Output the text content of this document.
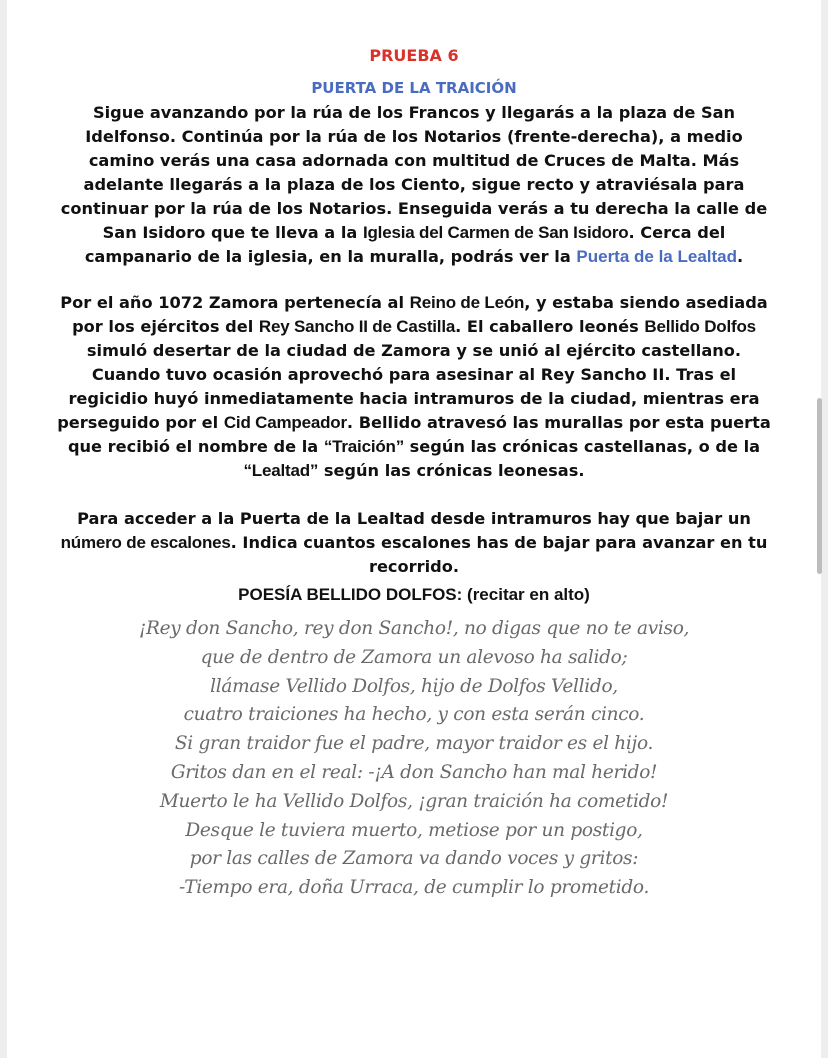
PRUEBA 6
PUERTA DE LA TRAICIÓN
Sigue avanzando por la rúa de los Francos y llegarás a la plaza de San Idelfonso. Continúa por la rúa de los Notarios (frente-derecha), a medio camino verás una casa adornada con multitud de Cruces de Malta. Más adelante llegarás a la plaza de los Ciento, sigue recto y atraviésala para continuar por la rúa de los Notarios. Enseguida verás a tu derecha la calle de San Isidoro que te lleva a la Iglesia del Carmen de San Isidoro. Cerca del campanario de la iglesia, en la muralla, podrás ver la Puerta de la Lealtad.
Por el año 1072 Zamora pertenecía al Reino de León, y estaba siendo asediada por los ejércitos del Rey Sancho II de Castilla. El caballero leonés Bellido Dolfos simuló desertar de la ciudad de Zamora y se unió al ejército castellano. Cuando tuvo ocasión aprovechó para asesinar al Rey Sancho II. Tras el regicidio huyó inmediatamente hacia intramuros de la ciudad, mientras era perseguido por el Cid Campeador. Bellido atravesó las murallas por esta puerta que recibió el nombre de la “Traición” según las crónicas castellanas, o de la “Lealtad” según las crónicas leonesas.
Para acceder a la Puerta de la Lealtad desde intramuros hay que bajar un número de escalones. Indica cuantos escalones has de bajar para avanzar en tu recorrido.
POESÍA BELLIDO DOLFOS: (recitar en alto)
¡Rey don Sancho, rey don Sancho!, no digas que no te aviso,
que de dentro de Zamora un alevoso ha salido;
llámase Vellido Dolfos, hijo de Dolfos Vellido,
cuatro traiciones ha hecho, y con esta serán cinco.
Si gran traidor fue el padre, mayor traidor es el hijo.
Gritos dan en el real: -¡A don Sancho han mal herido!
Muerto le ha Vellido Dolfos, ¡gran traición ha cometido!
Desque le tuviera muerto, metiose por un postigo,
por las calles de Zamora va dando voces y gritos:
-Tiempo era, doña Urraca, de cumplir lo prometido.
